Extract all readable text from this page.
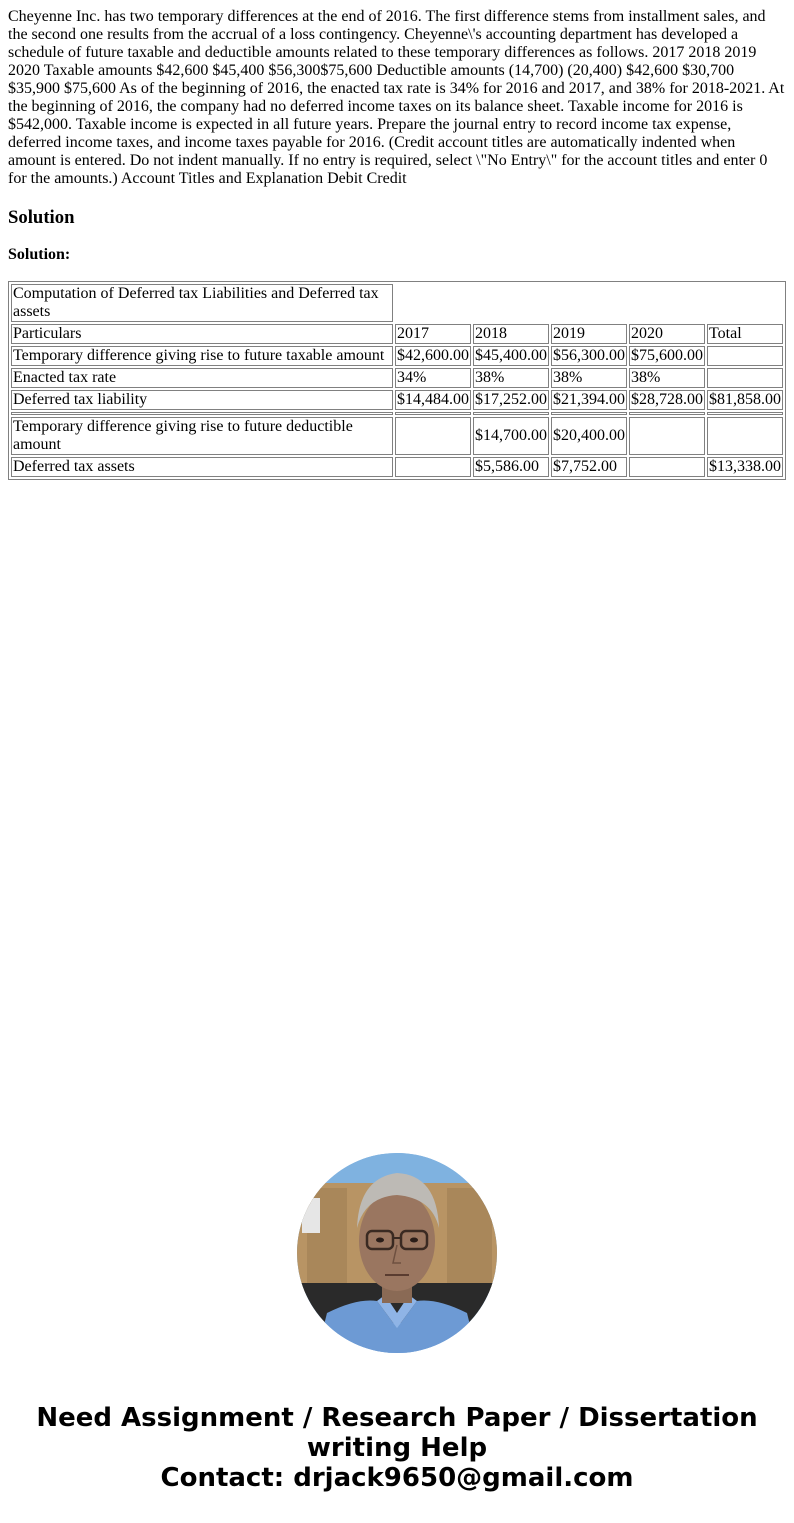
Cheyenne Inc. has two temporary differences at the end of 2016. The first difference stems from installment sales, and the second one results from the accrual of a loss contingency. Cheyenne\'s accounting department has developed a schedule of future taxable and deductible amounts related to these temporary differences as follows. 2017 2018 2019 2020 Taxable amounts $42,600 $45,400 $56,300$75,600 Deductible amounts (14,700) (20,400) $42,600 $30,700 $35,900 $75,600 As of the beginning of 2016, the enacted tax rate is 34% for 2016 and 2017, and 38% for 2018-2021. At the beginning of 2016, the company had no deferred income taxes on its balance sheet. Taxable income for 2016 is $542,000. Taxable income is expected in all future years. Prepare the journal entry to record income tax expense, deferred income taxes, and income taxes payable for 2016. (Credit account titles are automatically indented when amount is entered. Do not indent manually. If no entry is required, select \"No Entry\" for the account titles and enter 0 for the amounts.) Account Titles and Explanation Debit Credit

Solution
Solution:
Computation of Deferred tax Liabilities and Deferred tax assets					
Particulars	2017	2018	2019	2020	Total
Temporary difference giving rise to future taxable amount	$42,600.00	$45,400.00	$56,300.00	$75,600.00	
Enacted tax rate	34%	38%	38%	38%	
Deferred tax liability	$14,484.00	$17,252.00	$21,394.00	$28,728.00	$81,858.00

Temporary difference giving rise to future deductible amount		$14,700.00	$20,400.00		
Deferred tax assets		$5,586.00	$7,752.00		$13,338.00
Need Assignment / Research Paper / Dissertation
writing Help
Contact: drjack9650@gmail.com
